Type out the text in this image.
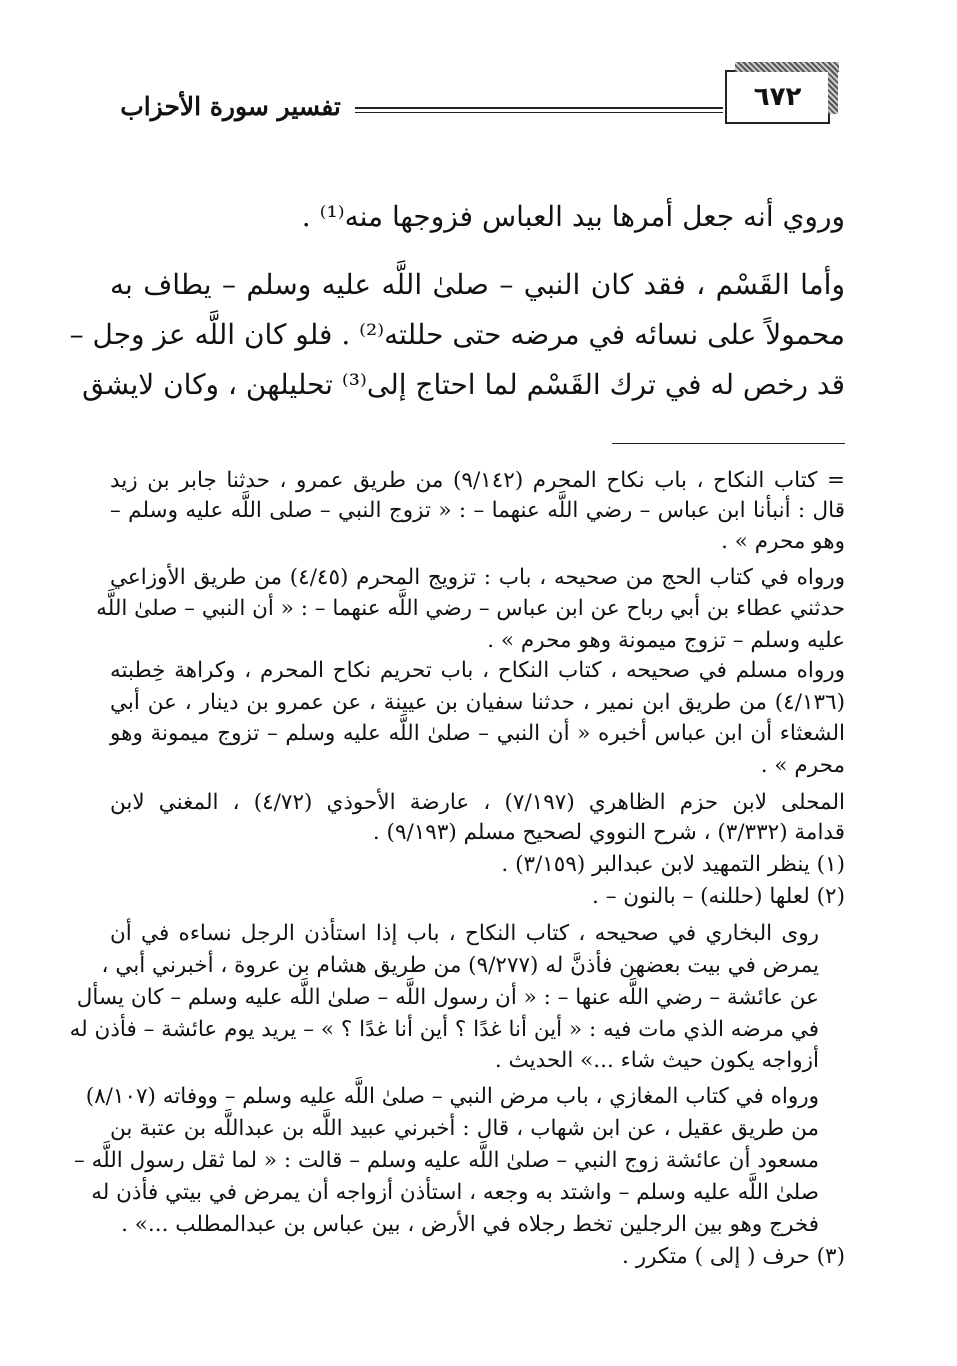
٦٧٢
تفسير سورة الأحزاب
وروي أنه جعل أمرها بيد العباس فزوجها منه⁽¹⁾ .
وأما القَسْم ، فقد كان النبي – صلىٰ اللَّه عليه وسلم – يطاف به
محمولاً على نسائه في مرضه حتى حللته⁽²⁾ . فلو كان اللَّه عز وجل –
قد رخص له في ترك القَسْم لما احتاج إلى⁽³⁾ تحليلهن ، وكان لايشق
= كتاب النكاح ، باب نكاح المحرم (٩/١٤٢) من طريق عمرو ، حدثنا جابر بن زيد
قال : أنبأنا ابن عباس – رضي اللَّه عنهما – : « تزوج النبي – صلى اللَّه عليه وسلم –
وهو محرم » .
ورواه في كتاب الحج من صحيحه ، باب : تزويج المحرم (٤/٤٥) من طريق الأوزاعي
حدثني عطاء بن أبي رباح عن ابن عباس – رضي اللَّه عنهما – : « أن النبي – صلىٰ اللَّه
عليه وسلم – تزوج ميمونة وهو محرم » .
ورواه مسلم في صحيحه ، كتاب النكاح ، باب تحريم نكاح المحرم ، وكراهة خِطبته
(٤/١٣٦) من طريق ابن نمير ، حدثنا سفيان بن عيينة ، عن عمرو بن دينار ، عن أبي
الشعثاء أن ابن عباس أخبره « أن النبي – صلىٰ اللَّه عليه وسلم – تزوج ميمونة وهو
محرم » .
المحلى لابن حزم الظاهري (٧/١٩٧) ، عارضة الأحوذي (٤/٧٢) ، المغني لابن
قدامة (٣/٣٣٢) ، شرح النووي لصحيح مسلم (٩/١٩٣) .
(١) ينظر التمهيد لابن عبدالبر (٣/١٥٩) .
(٢) لعلها (حللنه) – بالنون – .
روى البخاري في صحيحه ، كتاب النكاح ، باب إذا استأذن الرجل نساءه في أن
يمرض في بيت بعضهن فأذنَّ له (٩/٢٧٧) من طريق هشام بن عروة ، أخبرني أبي ،
عن عائشة – رضي اللَّه عنها – : « أن رسول اللَّه – صلىٰ اللَّه عليه وسلم – كان يسأل
في مرضه الذي مات فيه : « أين أنا غدًا ؟ أين أنا غدًا ؟ » – يريد يوم عائشة – فأذن له
أزواجه يكون حيث شاء ...» الحديث .
ورواه في كتاب المغازي ، باب مرض النبي – صلىٰ اللَّه عليه وسلم – ووفاته (٨/١٠٧)
من طريق عقيل ، عن ابن شهاب ، قال : أخبرني عبيد اللَّه بن عبداللَّه بن عتبة بن
مسعود أن عائشة زوج النبي – صلىٰ اللَّه عليه وسلم – قالت : « لما ثقل رسول اللَّه –
صلىٰ اللَّه عليه وسلم – واشتد به وجعه ، استأذن أزواجه أن يمرض في بيتي فأذن له
فخرج وهو بين الرجلين تخط رجلاه في الأرض ، بين عباس بن عبدالمطلب ...» .
(٣) حرف ( إلى ) متكرر .
